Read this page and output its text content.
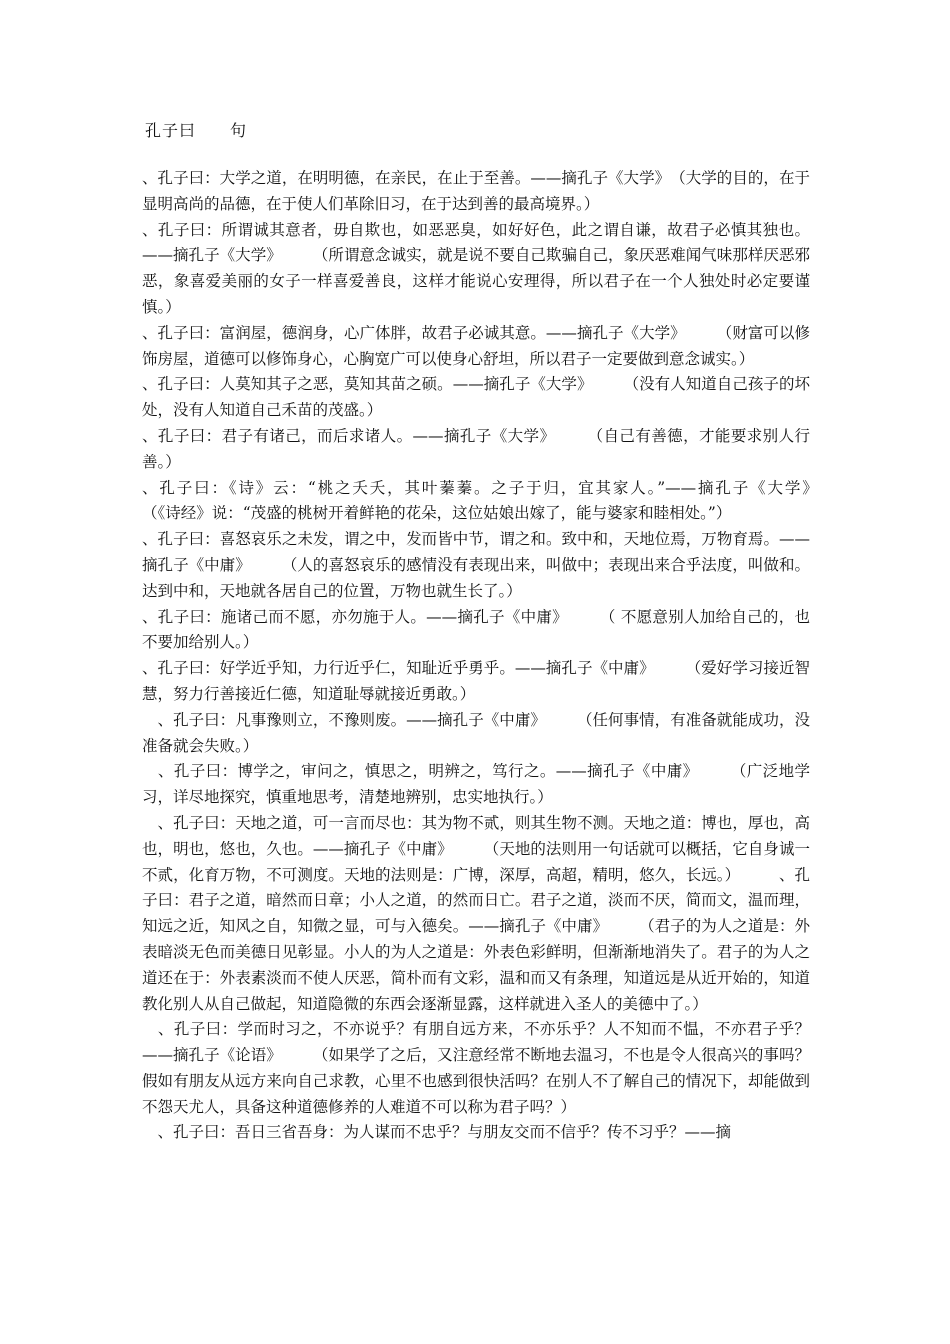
孔子曰　　句

、孔子曰：大学之道，在明明德，在亲民，在止于至善。——摘孔子《大学》　（大学的目的，在于显明高尚的品德，在于使人们革除旧习，在于达到善的最高境界。）

、孔子曰：所谓诚其意者，毋自欺也，如恶恶臭，如好好色，此之谓自谦，故君子必慎其独也。——摘孔子《大学》　　　（所谓意念诚实，就是说不要自己欺骗自己，象厌恶难闻气味那样厌恶邪恶，象喜爱美丽的女子一样喜爱善良，这样才能说心安理得，所以君子在一个人独处时必定要谨慎。）

、孔子曰：富润屋，德润身，心广体胖，故君子必诚其意。——摘孔子《大学》　　　（财富可以修饰房屋，道德可以修饰身心，心胸宽广可以使身心舒坦，所以君子一定要做到意念诚实。）

、孔子曰：人莫知其子之恶，莫知其苗之硕。——摘孔子《大学》　　　（没有人知道自己孩子的坏处，没有人知道自己禾苗的茂盛。）

、孔子曰：君子有诸己，而后求诸人。——摘孔子《大学》　　　（自己有善德，才能要求别人行善。）

、孔子曰：《诗》云：“桃之夭夭，其叶蓁蓁。之子于归，宜其家人。”——摘孔子《大学》　　　（《诗经》说：“茂盛的桃树开着鲜艳的花朵，这位姑娘出嫁了，能与婆家和睦相处。”）

、孔子曰：喜怒哀乐之未发，谓之中，发而皆中节，谓之和。致中和，天地位焉，万物育焉。——摘孔子《中庸》　　　（人的喜怒哀乐的感情没有表现出来，叫做中；表现出来合乎法度，叫做和。达到中和，天地就各居自己的位置，万物也就生长了。）

、孔子曰：施诸己而不愿，亦勿施于人。——摘孔子《中庸》　　　（ 不愿意别人加给自己的，也不要加给别人。）

、孔子曰：好学近乎知，力行近乎仁，知耻近乎勇乎。——摘孔子《中庸》　　　（爱好学习接近智慧，努力行善接近仁德，知道耻辱就接近勇敢。）

　、孔子曰：凡事豫则立，不豫则废。——摘孔子《中庸》　　　（任何事情，有准备就能成功，没准备就会失败。）

　、孔子曰：博学之，审问之，慎思之，明辨之，笃行之。——摘孔子《中庸》　　　（广泛地学习，详尽地探究，慎重地思考，清楚地辨别，忠实地执行。）

　、孔子曰：天地之道，可一言而尽也：其为物不贰，则其生物不测。天地之道：博也，厚也，高也，明也，悠也，久也。——摘孔子《中庸》　　　（天地的法则用一句话就可以概括，它自身诚一不贰，化育万物，不可测度。天地的法则是：广博，深厚，高超，精明，悠久，长远。）　　　、孔子曰：君子之道，暗然而日章；小人之道，的然而日亡。君子之道，淡而不厌，简而文，温而理，知远之近，知风之自，知微之显，可与入德矣。——摘孔子《中庸》　　　（君子的为人之道是：外表暗淡无色而美德日见彰显。小人的为人之道是：外表色彩鲜明，但渐渐地消失了。君子的为人之道还在于：外表素淡而不使人厌恶，简朴而有文彩，温和而又有条理，知道远是从近开始的，知道教化别人从自己做起，知道隐微的东西会逐渐显露，这样就进入圣人的美德中了。）

　、孔子曰：学而时习之，不亦说乎？有朋自远方来，不亦乐乎？人不知而不愠，不亦君子乎？——摘孔子《论语》　　　（如果学了之后，又注意经常不断地去温习，不也是令人很高兴的事吗？假如有朋友从远方来向自己求教，心里不也感到很快活吗？在别人不了解自己的情况下，却能做到不怨天尤人，具备这种道德修养的人难道不可以称为君子吗？）

　、孔子曰：吾日三省吾身：为人谋而不忠乎？与朋友交而不信乎？传不习乎？——摘
